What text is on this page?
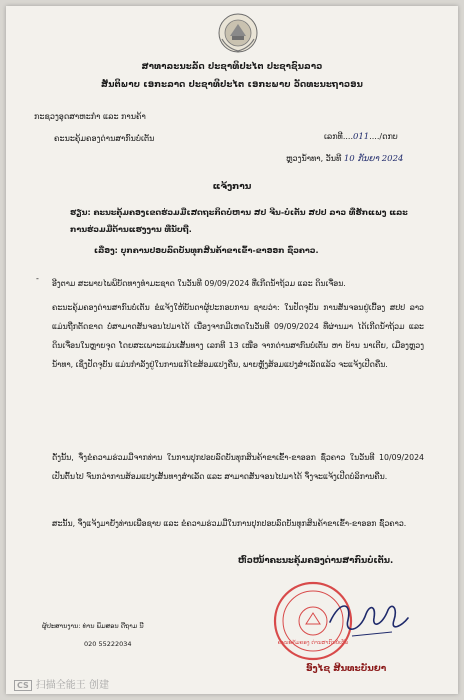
ສາທາລະນະລັດ ປະຊາທິປະໄຕ ປະຊາຊົນລາວ
ສັນຕິພາບ ເອກະລາດ ປະຊາທິປະໄຕ ເອກະພາບ ວັດທະນະຖາວອນ
ກະຊວງອຸດສາຫະກຳ ແລະ ການຄ້າ
ຄະນະຄຸ້ມຄອງດ່ານສາກົນບໍ່ເຕັນ	ເລກທີ....011..../ດກບ
ຫຼວງນ້ຳທາ, ວັນທີ 10 ກັນຍາ 2024
ແຈ້ງການ
ຮຽນ: ຄະນະຄຸ້ມຄອງເຂດຮ່ວມມືເສດຖະກິດບໍ່ຫານ ສປ ຈີນ-ບໍ່ເຕັນ ສປປ ລາວ ທີ່ຮັກແພງ ແລະ ການຮ່ວມມືດ້ານແຮງງານ ທີ່ນັບຖື.
ເລື່ອງ: ບຸກຄານປອບລົດບັນທຸກສິນຄ້າຂາເຂົ້າ-ຂາອອກ ຊົ່ວຄາວ.
-
ອີງຕາມ ສະພາບໄພພິບັດທາງທຳມະຊາດ ໃນວັນທີ 09/09/2024 ທີ່ເກີດນ້ຳຖ້ວມ ແລະ ດິນເຈື່ອນ.
ຄະນະຄຸ້ມຄອງດ່ານສາກົນບໍ່ເຕັນ ຂໍແຈ້ງໃຫ້ບັນດາຜູ້ປະກອບການ ຊາບວ່າ: ໃນປັດຈຸບັນ ການສັນຈອນຢູ່ເບື້ອງ ສປປ ລາວ ແມ່ນຖືກຕັດຂາດ ບໍ່ສາມາດສັນຈອນໄປມາໄດ້ ເນື່ອງຈາກມີເຫດໃນວັນທີ 09/09/2024 ທີ່ຜ່ານມາ ໄດ້ເກີດນ້ຳຖ້ວມ ແລະ ດິນເຈື່ອນໃນຫຼາຍຈຸດ ໂດຍສະເພາະແມ່ນເສັ້ນທາງ ເລກທີ 13 ເໜືອ ຈາກດ່ານສາກົນບໍ່ເຕັນ ຫາ ບ້ານ ນາເຕີຍ, ເມືອງຫຼວງນ້ຳທາ, ເຊິ່ງປັດຈຸບັນ ແມ່ນກຳລັງຢູ່ໃນການແກ້ໄຂສ້ອມແປງຄືນ, ພາຍຫຼັງສ້ອມແປງສຳເລັດແລ້ວ ຈະແຈ້ງເປີດຄືນ.
ດັ່ງນັ້ນ, ຈຶ່ງຂໍຄວາມຮ່ວມມືຈາກທ່ານ ໃນການປຸກປອບລົດບັນທຸກສິນຄ້າຂາເຂົ້າ-ຂາອອກ ຊົ່ວຄາວ ໃນວັນທີ 10/09/2024 ເປັນຕົ້ນໄປ ຈົນກວ່າການສ້ອມແປງເສັ້ນທາງສຳເລັດ ແລະ ສາມາດສັນຈອນໄປມາໄດ້ ຈຶ່ງຈະແຈ້ງເປີດບໍລິການຄືນ.
ສະນັ້ນ, ຈຶ່ງແຈ້ງມາຍັງທ່ານເພື່ອຊາບ ແລະ ຂໍຄວາມຮ່ວມມືໃນການປຸກປອບລົດບັນທຸກສິນຄ້າຂາເຂົ້າ-ຂາອອກ ຊົ່ວຄາວ.
ຫົວໜ້າຄະນະຄຸ້ມຄອງດ່ານສາກົນບໍ່ເຕັນ.
ຄະນະຄຸ້ມຄອງ ດ່ານສາກົນບໍ່ເຕັນ
ຜູ້ປະສານງານ: ທ່ານ ພິມສອນ ດີຖາມ ນີ
020 55222034
ອົງໄຊ ສີນທະບັນຍາ
CS 扫描全能王 创建
